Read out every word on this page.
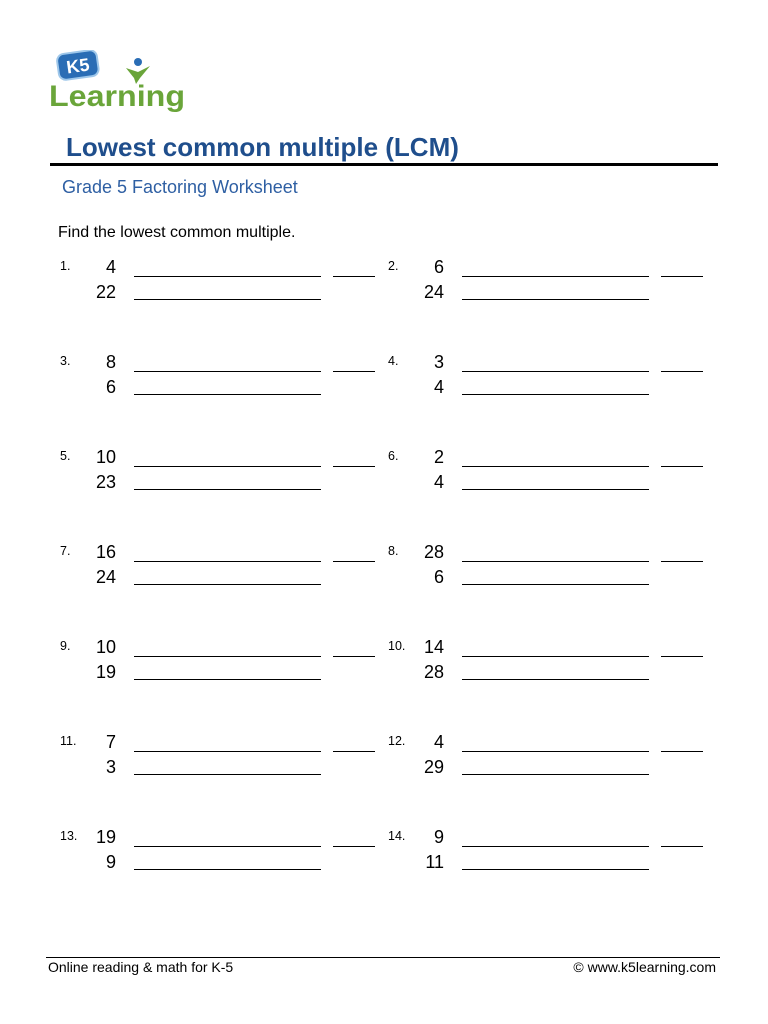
K5
Learning
Lowest common multiple (LCM)
Grade 5 Factoring Worksheet
Find the lowest common multiple.
1.	4
22
2.	6
24
3.	8
6
4.	3
4
5.	10
23
6.	2
4
7.	16
24
8.	28
6
9.	10
19
10.	14
28
11.	7
3
12.	4
29
13.	19
9
14.	9
11
Online reading & math for K-5	© www.k5learning.com
